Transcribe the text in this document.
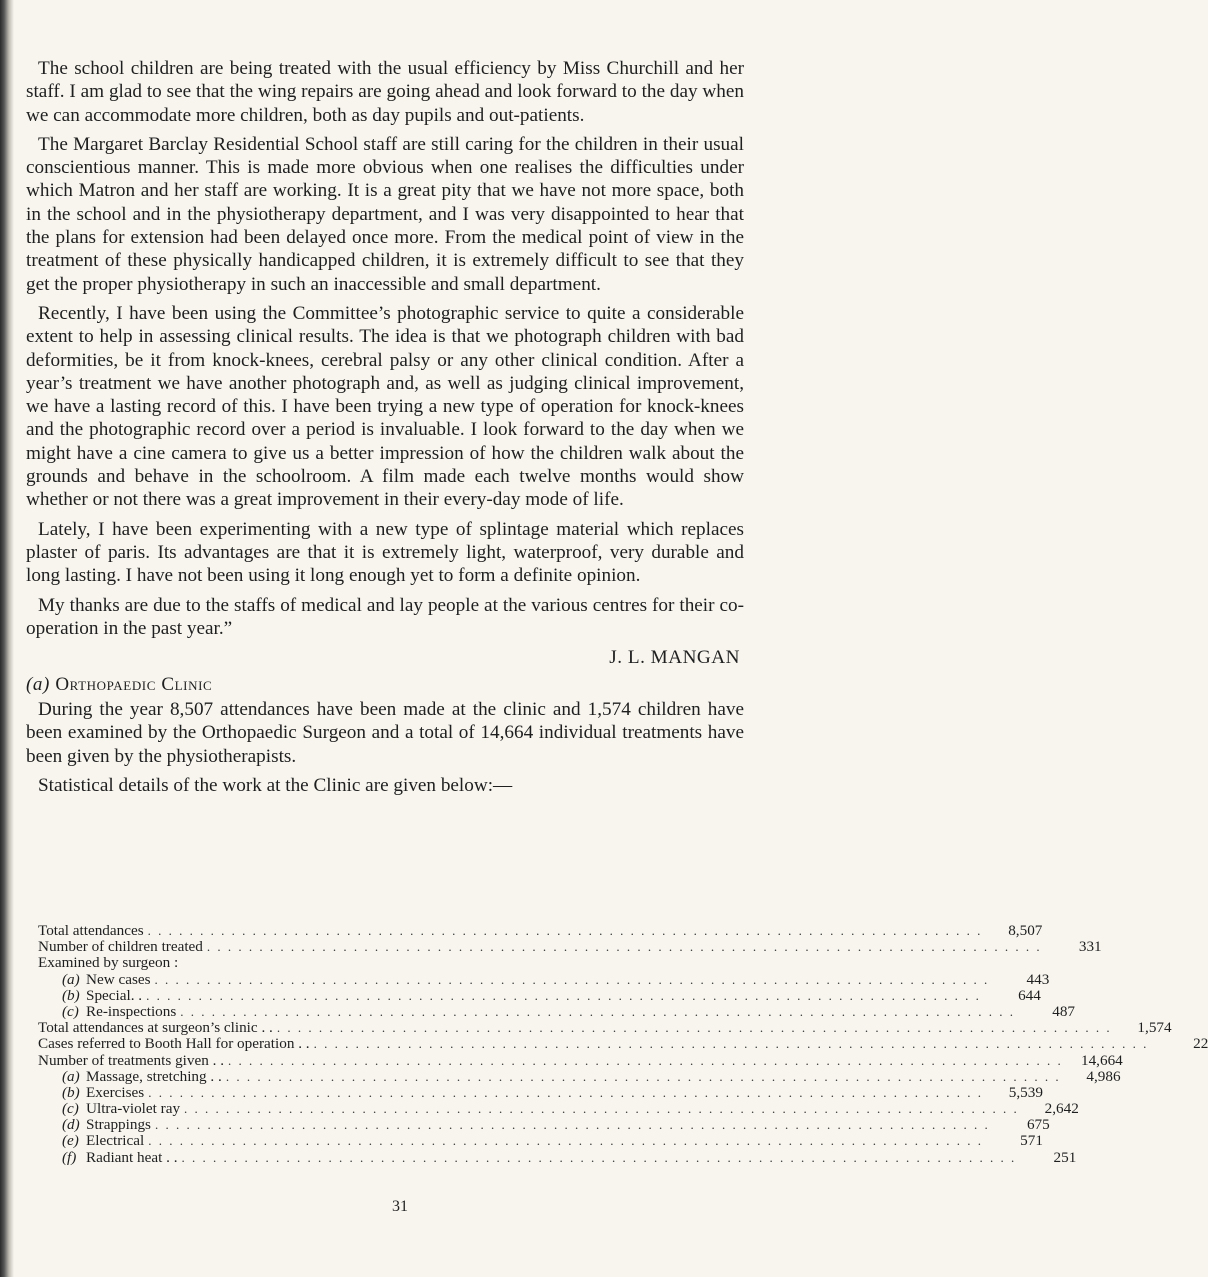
The school children are being treated with the usual efficiency by Miss Churchill and her staff. I am glad to see that the wing repairs are going ahead and look forward to the day when we can accommodate more children, both as day pupils and out-patients.

The Margaret Barclay Residential School staff are still caring for the children in their usual conscientious manner. This is made more obvious when one realises the difficulties under which Matron and her staff are working. It is a great pity that we have not more space, both in the school and in the physiotherapy department, and I was very disappointed to hear that the plans for extension had been delayed once more. From the medical point of view in the treatment of these physically handicapped children, it is extremely difficult to see that they get the proper physiotherapy in such an inaccessible and small department.

Recently, I have been using the Committee’s photographic service to quite a considerable extent to help in assessing clinical results. The idea is that we photograph children with bad deformities, be it from knock-knees, cerebral palsy or any other clinical condition. After a year’s treatment we have another photograph and, as well as judging clinical improvement, we have a lasting record of this. I have been trying a new type of operation for knock-knees and the photographic record over a period is invaluable. I look forward to the day when we might have a cine camera to give us a better impression of how the children walk about the grounds and behave in the schoolroom. A film made each twelve months would show whether or not there was a great improvement in their every-day mode of life.

Lately, I have been experimenting with a new type of splintage material which replaces plaster of paris. Its advantages are that it is extremely light, waterproof, very durable and long lasting. I have not been using it long enough yet to form a definite opinion.

My thanks are due to the staffs of medical and lay people at the various centres for their co-operation in the past year.”

J. L. MANGAN
(a) Orthopaedic Clinic

During the year 8,507 attendances have been made at the clinic and 1,574 children have been examined by the Orthopaedic Surgeon and a total of 14,664 individual treatments have been given by the physiotherapists.

Statistical details of the work at the Clinic are given below:—

Total attendances . . . . . . . . . . . . . . . . . . . . . . . . . . . . . . . . . . . . . . . . . . . . . . . . . . . . . . . . . . . . . . . . . . . . . . . . . . . . . . . .	8,507
Number of children treated . . . . . . . . . . . . . . . . . . . . . . . . . . . . . . . . . . . . . . . . . . . . . . . . . . . . . . . . . . . . . . . . . . . . . . . . . . . . . . . .	331
Examined by surgeon :
(a) New cases . . . . . . . . . . . . . . . . . . . . . . . . . . . . . . . . . . . . . . . . . . . . . . . . . . . . . . . . . . . . . . . . . . . . . . . . . . . . . . . .	443
(b) Special. . . . . . . . . . . . . . . . . . . . . . . . . . . . . . . . . . . . . . . . . . . . . . . . . . . . . . . . . . . . . . . . . . . . . . . . . . . . . . . . . .	644
(c) Re-inspections . . . . . . . . . . . . . . . . . . . . . . . . . . . . . . . . . . . . . . . . . . . . . . . . . . . . . . . . . . . . . . . . . . . . . . . . . . . . . . . .	487
Total attendances at surgeon’s clinic . . . . . . . . . . . . . . . . . . . . . . . . . . . . . . . . . . . . . . . . . . . . . . . . . . . . . . . . . . . . . . . . . . . . . . . . . . . . . . . . . .	1,574
Cases referred to Booth Hall for operation . . . . . . . . . . . . . . . . . . . . . . . . . . . . . . . . . . . . . . . . . . . . . . . . . . . . . . . . . . . . . . . . . . . . . . . . . . . . . . . . . .	22
Number of treatments given . . . . . . . . . . . . . . . . . . . . . . . . . . . . . . . . . . . . . . . . . . . . . . . . . . . . . . . . . . . . . . . . . . . . . . . . . . . . . . . . . .	14,664
(a) Massage, stretching . . . . . . . . . . . . . . . . . . . . . . . . . . . . . . . . . . . . . . . . . . . . . . . . . . . . . . . . . . . . . . . . . . . . . . . . . . . . . . . . . .	4,986
(b) Exercises . . . . . . . . . . . . . . . . . . . . . . . . . . . . . . . . . . . . . . . . . . . . . . . . . . . . . . . . . . . . . . . . . . . . . . . . . . . . . . . .	5,539
(c) Ultra-violet ray . . . . . . . . . . . . . . . . . . . . . . . . . . . . . . . . . . . . . . . . . . . . . . . . . . . . . . . . . . . . . . . . . . . . . . . . . . . . . . . .	2,642
(d) Strappings . . . . . . . . . . . . . . . . . . . . . . . . . . . . . . . . . . . . . . . . . . . . . . . . . . . . . . . . . . . . . . . . . . . . . . . . . . . . . . . .	675
(e) Electrical . . . . . . . . . . . . . . . . . . . . . . . . . . . . . . . . . . . . . . . . . . . . . . . . . . . . . . . . . . . . . . . . . . . . . . . . . . . . . . . .	571
(f) Radiant heat . . . . . . . . . . . . . . . . . . . . . . . . . . . . . . . . . . . . . . . . . . . . . . . . . . . . . . . . . . . . . . . . . . . . . . . . . . . . . . . . . .	251
31
